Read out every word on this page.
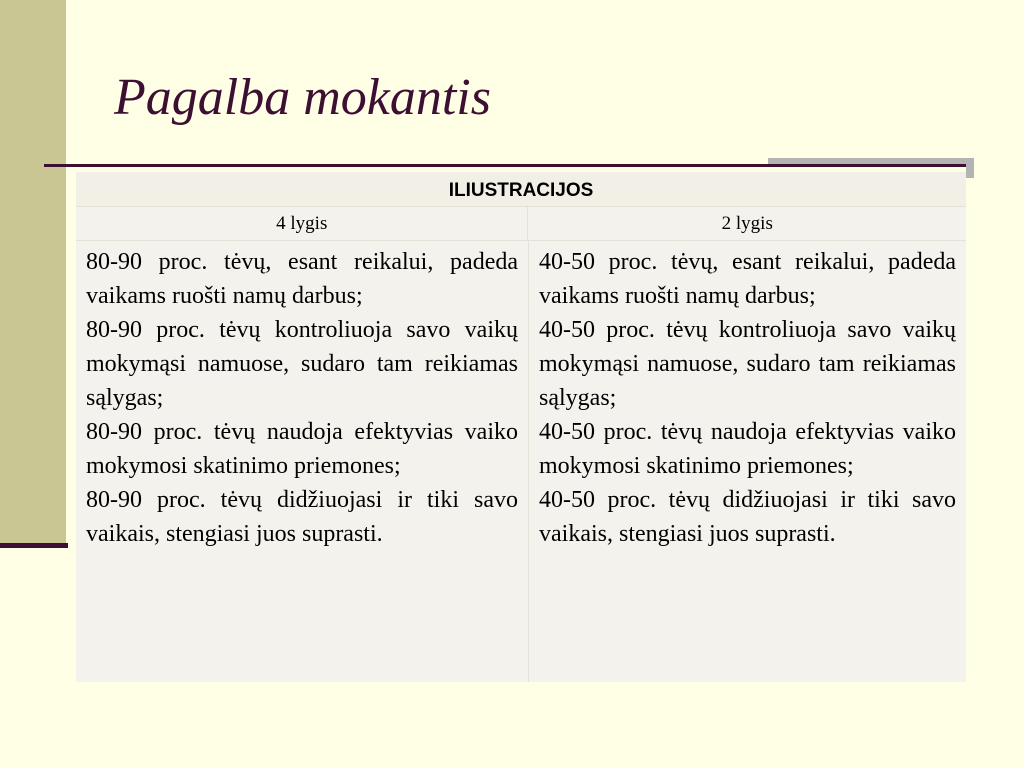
Pagalba mokantis
ILIUSTRACIJOS
4 lygis	2 lygis

80-90 proc. tėvų, esant reikalui, padeda vaikams ruošti namų darbus;

80-90 proc. tėvų kontroliuoja savo vaikų mokymąsi namuose, sudaro tam reikiamas sąlygas;

80-90 proc. tėvų naudoja efektyvias vaiko mokymosi skatinimo priemones;

80-90 proc. tėvų didžiuojasi ir tiki savo vaikais, stengiasi juos suprasti.

40-50 proc. tėvų, esant reikalui, padeda vaikams ruošti namų darbus;

40-50 proc. tėvų kontroliuoja savo vaikų mokymąsi namuose, sudaro tam reikiamas sąlygas;

40-50 proc. tėvų naudoja efektyvias vaiko mokymosi skatinimo priemones;

40-50 proc. tėvų didžiuojasi ir tiki savo vaikais, stengiasi juos suprasti.
